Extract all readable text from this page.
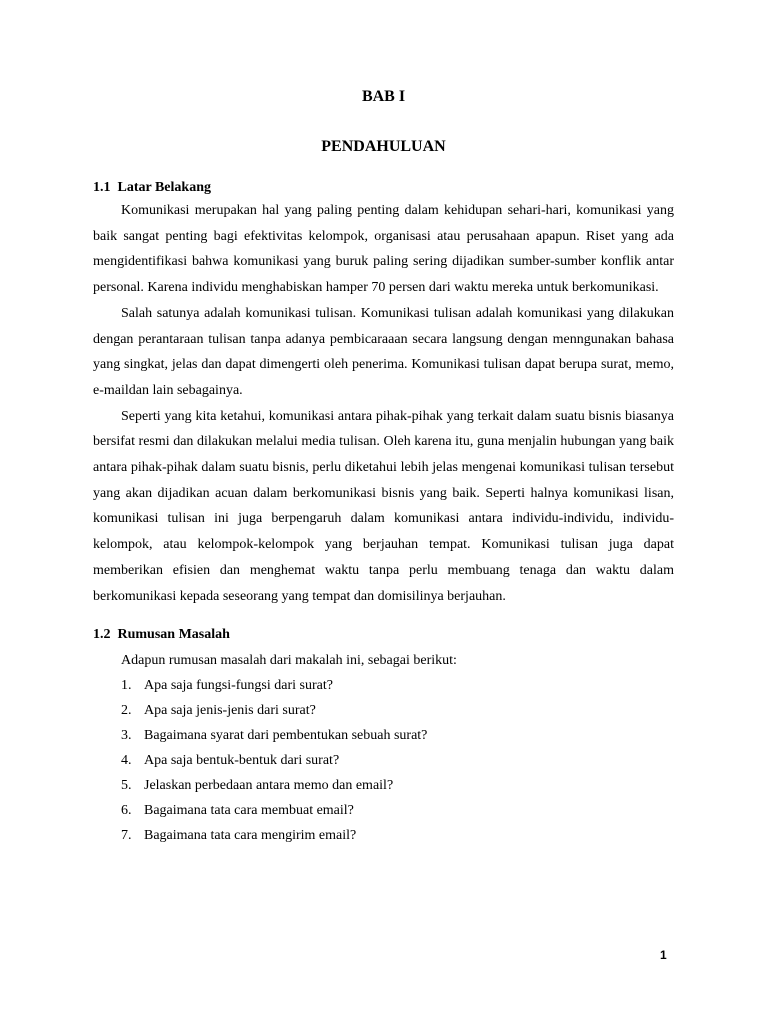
BAB I
PENDAHULUAN
1.1  Latar Belakang

Komunikasi merupakan hal yang paling penting dalam kehidupan sehari-hari, komunikasi yang baik sangat penting bagi efektivitas kelompok, organisasi atau perusahaan apapun. Riset yang ada mengidentifikasi bahwa komunikasi yang buruk paling sering dijadikan sumber-sumber konflik antar personal. Karena individu menghabiskan hamper 70 persen dari waktu mereka untuk berkomunikasi.

Salah satunya adalah komunikasi tulisan. Komunikasi tulisan adalah komunikasi yang dilakukan dengan perantaraan tulisan tanpa adanya pembicaraaan secara langsung dengan menngunakan bahasa yang singkat, jelas dan dapat dimengerti oleh penerima. Komunikasi tulisan dapat berupa surat, memo, e-maildan lain sebagainya.

Seperti yang kita ketahui, komunikasi antara pihak-pihak yang terkait dalam suatu bisnis biasanya bersifat resmi dan dilakukan melalui media tulisan. Oleh karena itu, guna menjalin hubungan yang baik antara pihak-pihak dalam suatu bisnis, perlu diketahui lebih jelas mengenai komunikasi tulisan tersebut yang akan dijadikan acuan dalam berkomunikasi bisnis yang baik. Seperti halnya komunikasi lisan, komunikasi tulisan ini juga berpengaruh dalam komunikasi antara individu-individu, individu-kelompok, atau kelompok-kelompok yang berjauhan tempat. Komunikasi tulisan juga dapat memberikan efisien dan menghemat waktu tanpa perlu membuang tenaga dan waktu dalam berkomunikasi kepada seseorang yang tempat dan domisilinya berjauhan.

1.2  Rumusan Masalah
Adapun rumusan masalah dari makalah ini, sebagai berikut:
1. Apa saja fungsi-fungsi dari surat?
2. Apa saja jenis-jenis dari surat?
3. Bagaimana syarat dari pembentukan sebuah surat?
4. Apa saja bentuk-bentuk dari surat?
5. Jelaskan perbedaan antara memo dan email?
6. Bagaimana tata cara membuat email?
7. Bagaimana tata cara mengirim email?
1
